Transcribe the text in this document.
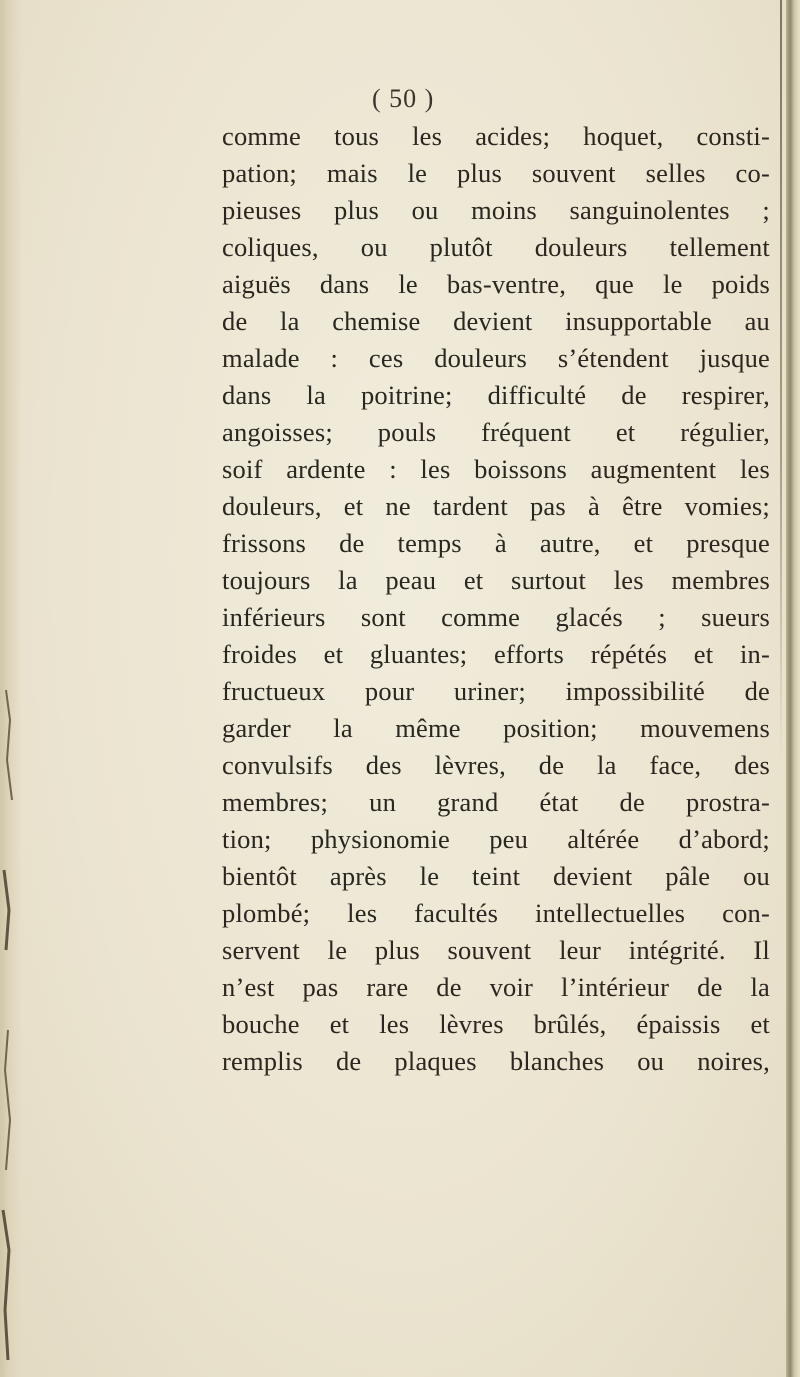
( 50 )
comme tous les acides; hoquet, consti-
pation; mais le plus souvent selles co-
pieuses plus ou moins sanguinolentes ;
coliques, ou plutôt douleurs tellement
aiguës dans le bas-ventre, que le poids
de la chemise devient insupportable au
malade : ces douleurs s’étendent jusque
dans la poitrine; difficulté de respirer,
angoisses; pouls fréquent et régulier,
soif ardente : les boissons augmentent les
douleurs, et ne tardent pas à être vomies;
frissons de temps à autre, et presque
toujours la peau et surtout les membres
inférieurs sont comme glacés ; sueurs
froides et gluantes; efforts répétés et in-
fructueux pour uriner; impossibilité de
garder la même position; mouvemens
convulsifs des lèvres, de la face, des
membres; un grand état de prostra-
tion; physionomie peu altérée d’abord;
bientôt après le teint devient pâle ou
plombé; les facultés intellectuelles con-
servent le plus souvent leur intégrité. Il
n’est pas rare de voir l’intérieur de la
bouche et les lèvres brûlés, épaissis et
remplis de plaques blanches ou noires,
